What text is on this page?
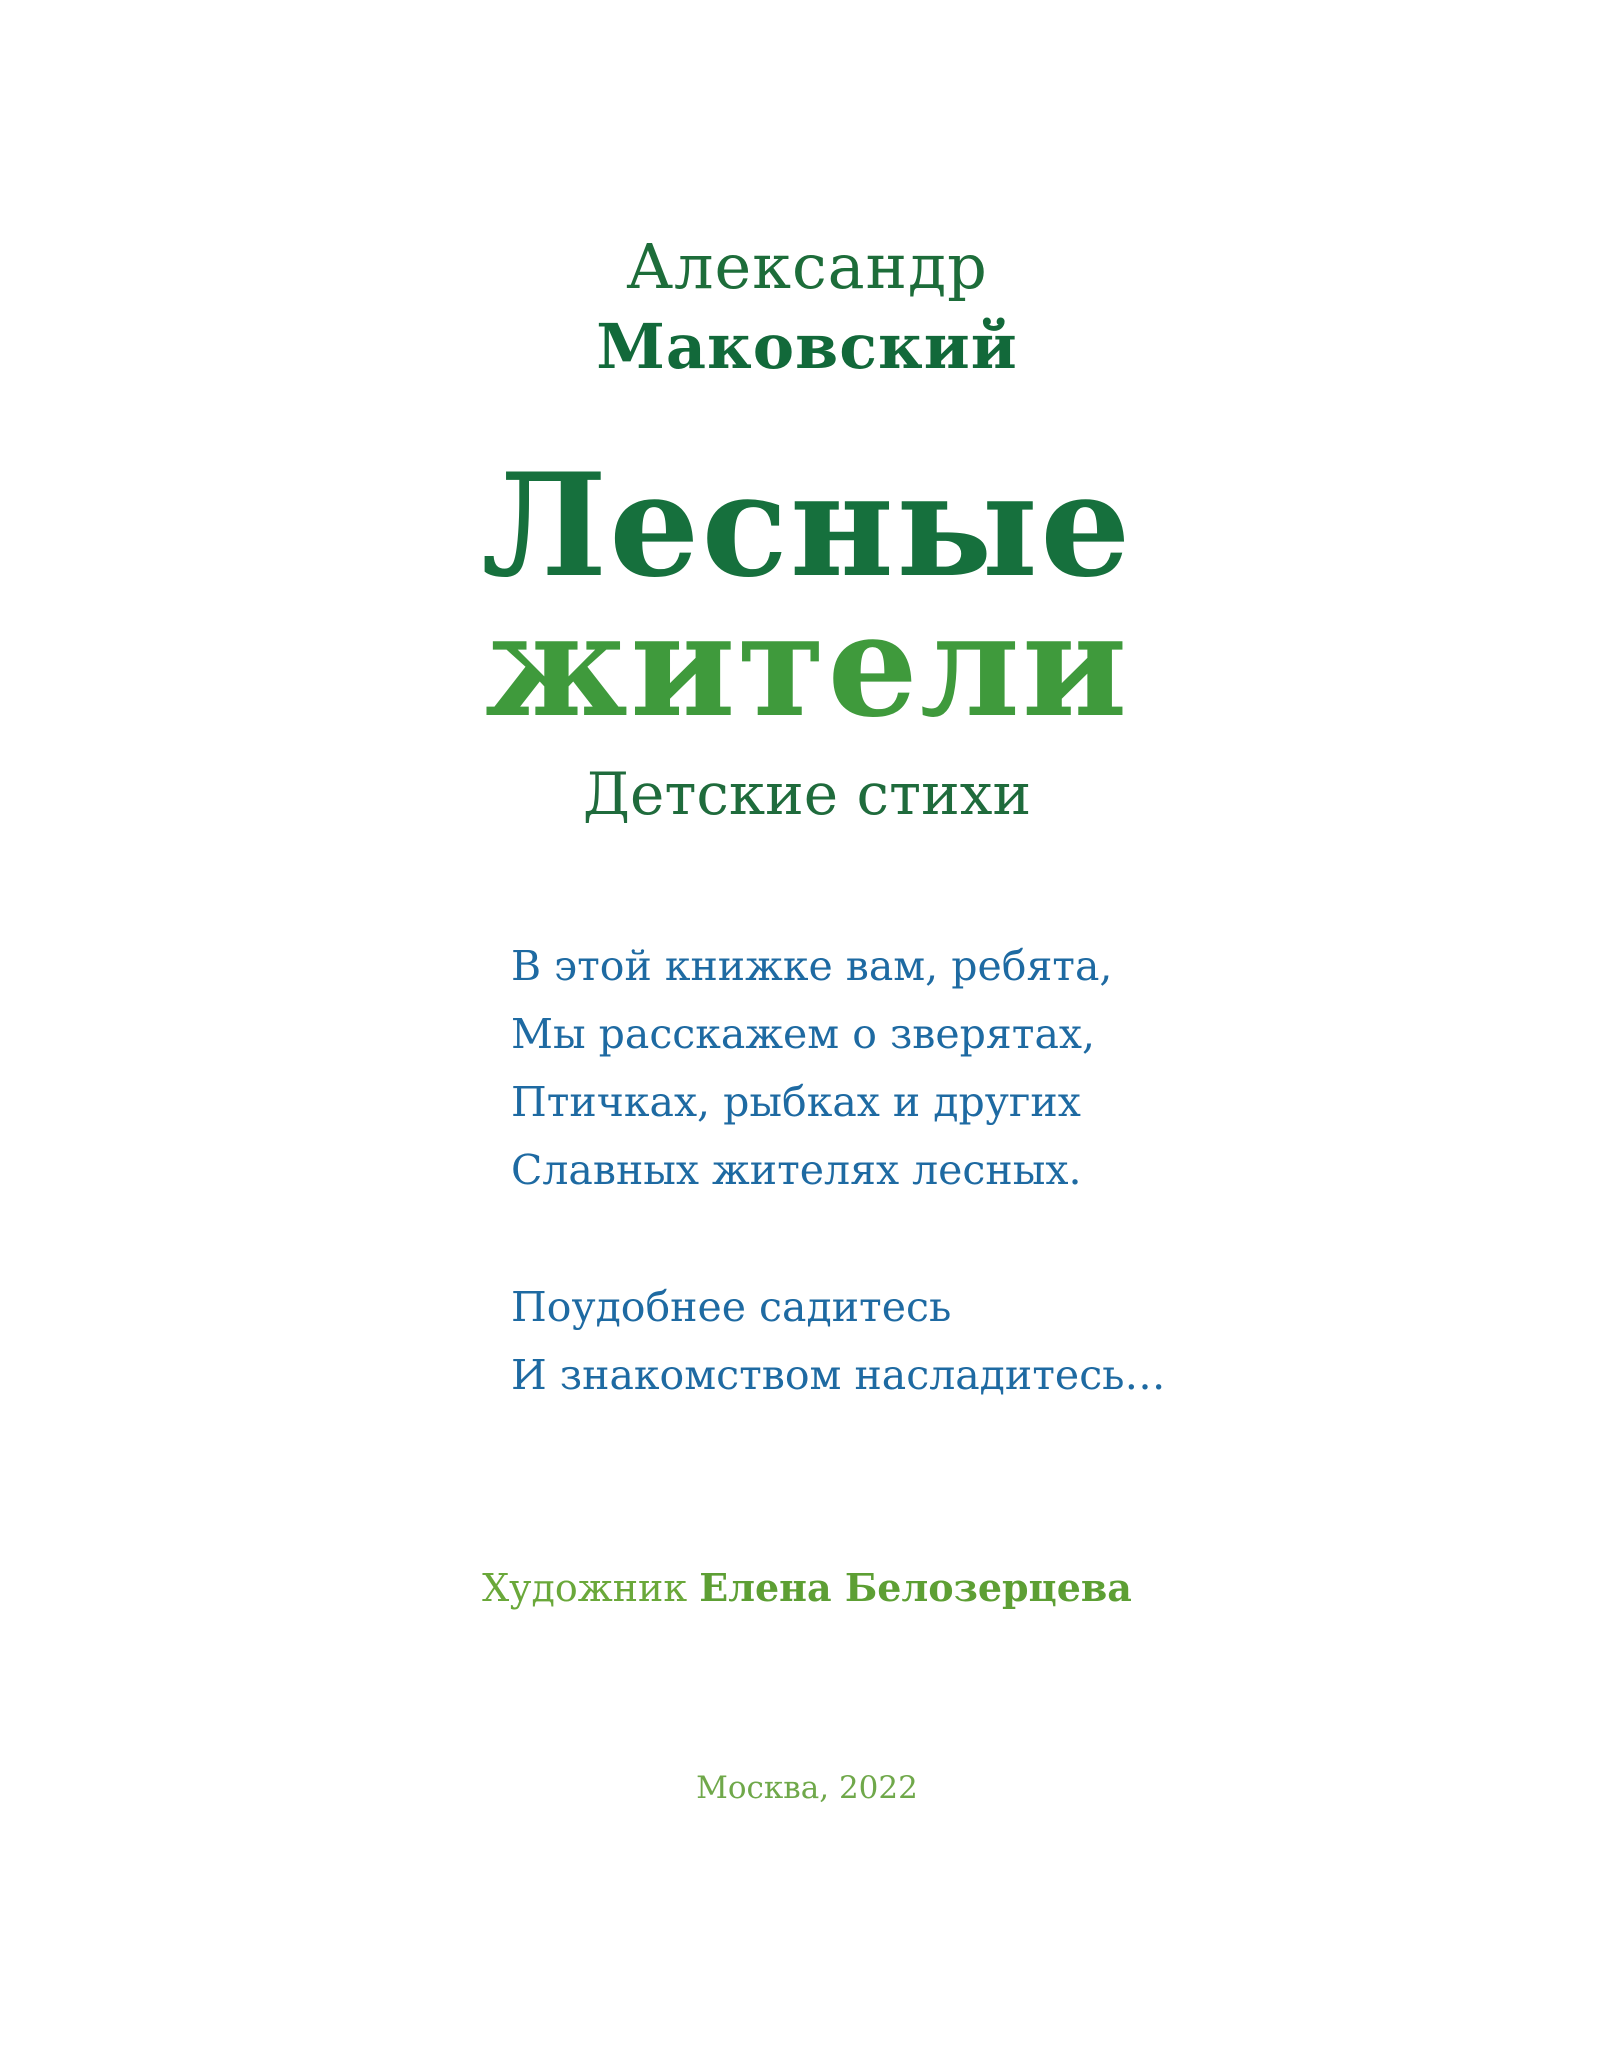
Александр
Маковский
Лесные
жители
Детские стихи
В этой книжке вам, ребята,
Мы расскажем о зверятах,
Птичках, рыбках и других
Славных жителях лесных.
Поудобнее садитесь
И знакомством насладитесь…
Художник Елена Белозерцева
Москва, 2022
